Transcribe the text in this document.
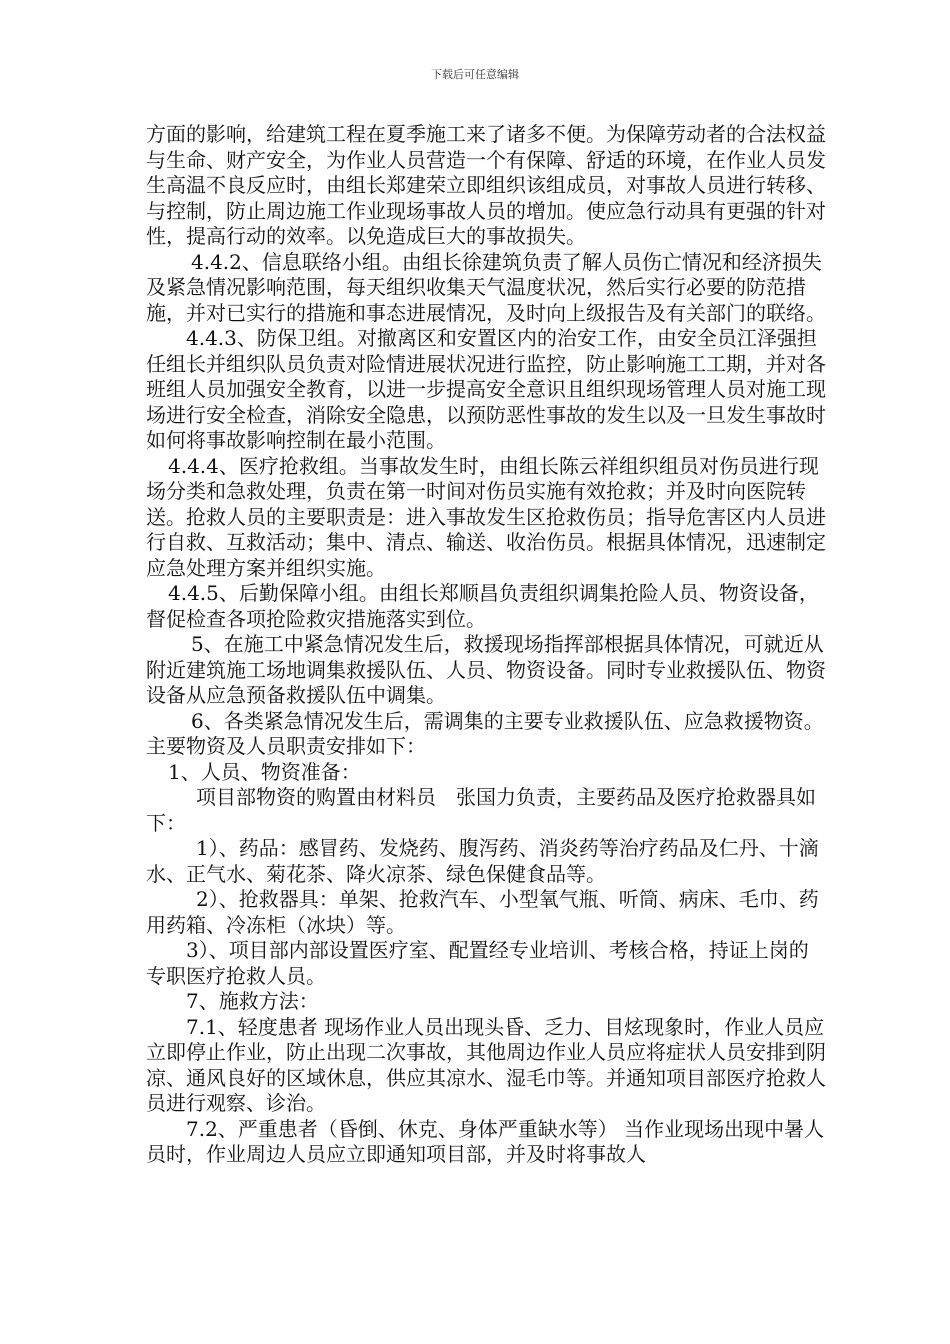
下载后可任意编辑

方面的影响，给建筑工程在夏季施工来了诸多不便。为保障劳动者的合法权益与生命、财产安全，为作业人员营造一个有保障、舒适的环境，在作业人员发生高温不良反应时，由组长郑建荣立即组织该组成员，对事故人员进行转移、与控制，防止周边施工作业现场事故人员的增加。使应急行动具有更强的针对性，提高行动的效率。以免造成巨大的事故损失。

4.4.2、信息联络小组。由组长徐建筑负责了解人员伤亡情况和经济损失及紧急情况影响范围，每天组织收集天气温度状况，然后实行必要的防范措施，并对已实行的措施和事态进展情况，及时向上级报告及有关部门的联络。

4.4.3、防保卫组。对撤离区和安置区内的治安工作，由安全员江泽强担任组长并组织队员负责对险情进展状况进行监控，防止影响施工工期，并对各班组人员加强安全教育，以进一步提高安全意识且组织现场管理人员对施工现场进行安全检查，消除安全隐患，以预防恶性事故的发生以及一旦发生事故时如何将事故影响控制在最小范围。

4.4.4、医疗抢救组。当事故发生时，由组长陈云祥组织组员对伤员进行现场分类和急救处理，负责在第一时间对伤员实施有效抢救；并及时向医院转送。抢救人员的主要职责是：进入事故发生区抢救伤员；指导危害区内人员进行自救、互救活动；集中、清点、输送、收治伤员。根据具体情况，迅速制定应急处理方案并组织实施。

4.4.5、后勤保障小组。由组长郑顺昌负责组织调集抢险人员、物资设备，督促检查各项抢险救灾措施落实到位。

5、在施工中紧急情况发生后，救援现场指挥部根据具体情况，可就近从附近建筑施工场地调集救援队伍、人员、物资设备。同时专业救援队伍、物资设备从应急预备救援队伍中调集。

6、各类紧急情况发生后，需调集的主要专业救援队伍、应急救援物资。主要物资及人员职责安排如下：

1、人员、物资准备：

项目部物资的购置由材料员　张国力负责，主要药品及医疗抢救器具如下：

1）、药品：感冒药、发烧药、腹泻药、消炎药等治疗药品及仁丹、十滴水、正气水、菊花茶、降火凉茶、绿色保健食品等。

2）、抢救器具：单架、抢救汽车、小型氧气瓶、听筒、病床、毛巾、药用药箱、冷冻柜（冰块）等。

3）、项目部内部设置医疗室、配置经专业培训、考核合格，持证上岗的专职医疗抢救人员。

7、施救方法：

7.1、轻度患者 现场作业人员出现头昏、乏力、目炫现象时，作业人员应立即停止作业，防止出现二次事故，其他周边作业人员应将症状人员安排到阴凉、通风良好的区域休息，供应其凉水、湿毛巾等。并通知项目部医疗抢救人员进行观察、诊治。

7.2、严重患者（昏倒、休克、身体严重缺水等） 当作业现场出现中暑人员时，作业周边人员应立即通知项目部，并及时将事故人
